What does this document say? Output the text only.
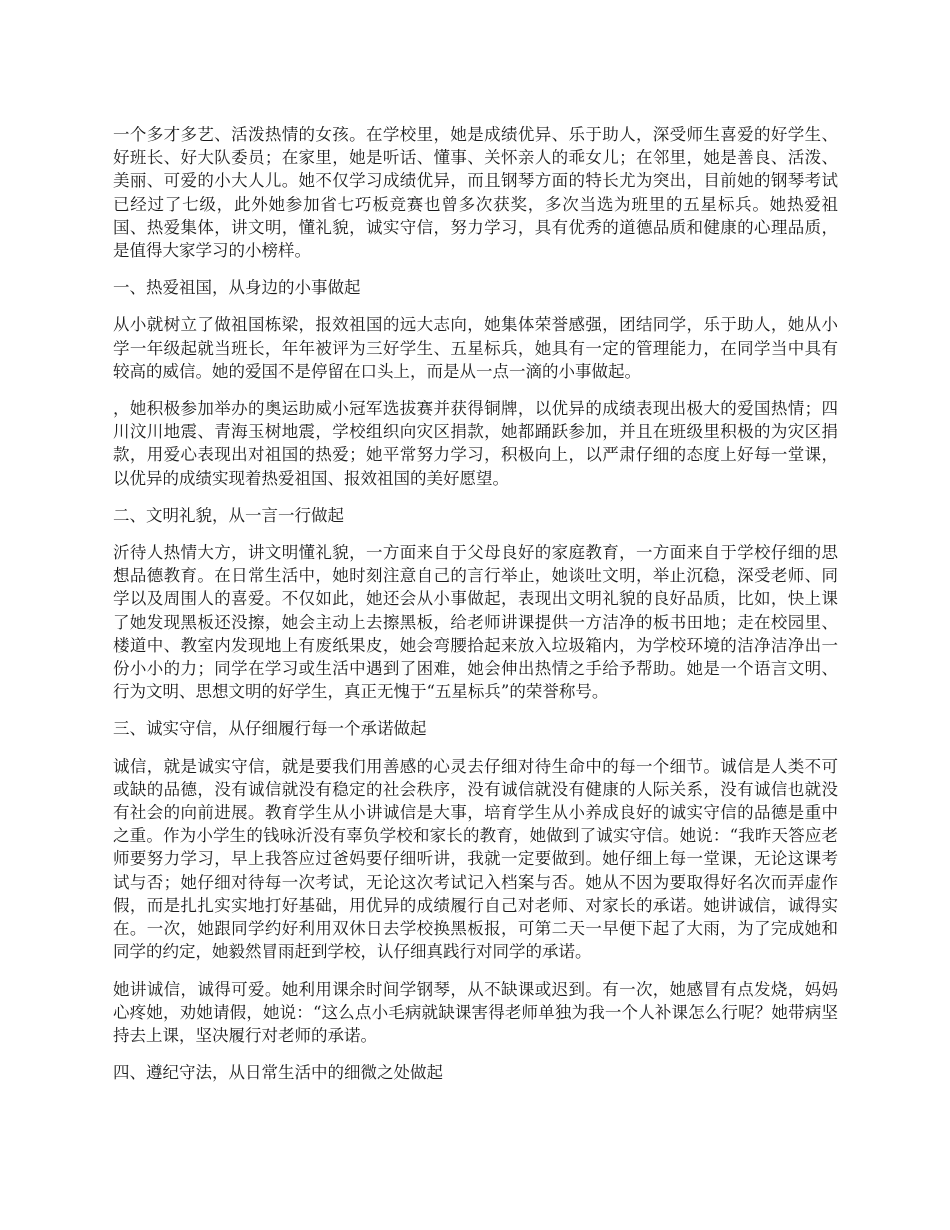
一个多才多艺、活泼热情的女孩。在学校里，她是成绩优异、乐于助人，深受师生喜爱的好学生、好班长、好大队委员；在家里，她是听话、懂事、关怀亲人的乖女儿；在邻里，她是善良、活泼、美丽、可爱的小大人儿。她不仅学习成绩优异，而且钢琴方面的特长尤为突出，目前她的钢琴考试已经过了七级，此外她参加省七巧板竞赛也曾多次获奖，多次当选为班里的五星标兵。她热爱祖国、热爱集体，讲文明，懂礼貌，诚实守信，努力学习，具有优秀的道德品质和健康的心理品质，是值得大家学习的小榜样。

一、热爱祖国，从身边的小事做起

从小就树立了做祖国栋梁，报效祖国的远大志向，她集体荣誉感强，团结同学，乐于助人，她从小学一年级起就当班长，年年被评为三好学生、五星标兵，她具有一定的管理能力，在同学当中具有较高的威信。她的爱国不是停留在口头上，而是从一点一滴的小事做起。

，她积极参加举办的奥运助威小冠军选拔赛并获得铜牌，以优异的成绩表现出极大的爱国热情；四川汶川地震、青海玉树地震，学校组织向灾区捐款，她都踊跃参加，并且在班级里积极的为灾区捐款，用爱心表现出对祖国的热爱；她平常努力学习，积极向上，以严肃仔细的态度上好每一堂课，以优异的成绩实现着热爱祖国、报效祖国的美好愿望。

二、文明礼貌，从一言一行做起

沂待人热情大方，讲文明懂礼貌，一方面来自于父母良好的家庭教育，一方面来自于学校仔细的思想品德教育。在日常生活中，她时刻注意自己的言行举止，她谈吐文明，举止沉稳，深受老师、同学以及周围人的喜爱。不仅如此，她还会从小事做起，表现出文明礼貌的良好品质，比如，快上课了她发现黑板还没擦，她会主动上去擦黑板，给老师讲课提供一方洁净的板书田地；走在校园里、楼道中、教室内发现地上有废纸果皮，她会弯腰拾起来放入垃圾箱内，为学校环境的洁净洁净出一份小小的力；同学在学习或生活中遇到了困难，她会伸出热情之手给予帮助。她是一个语言文明、行为文明、思想文明的好学生，真正无愧于“五星标兵”的荣誉称号。

三、诚实守信，从仔细履行每一个承诺做起

诚信，就是诚实守信，就是要我们用善感的心灵去仔细对待生命中的每一个细节。诚信是人类不可或缺的品德，没有诚信就没有稳定的社会秩序，没有诚信就没有健康的人际关系，没有诚信也就没有社会的向前进展。教育学生从小讲诚信是大事，培育学生从小养成良好的诚实守信的品德是重中之重。作为小学生的钱咏沂没有辜负学校和家长的教育，她做到了诚实守信。她说：“我昨天答应老师要努力学习，早上我答应过爸妈要仔细听讲，我就一定要做到。她仔细上每一堂课，无论这课考试与否；她仔细对待每一次考试，无论这次考试记入档案与否。她从不因为要取得好名次而弄虚作假，而是扎扎实实地打好基础，用优异的成绩履行自己对老师、对家长的承诺。她讲诚信，诚得实在。一次，她跟同学约好利用双休日去学校换黑板报，可第二天一早便下起了大雨，为了完成她和同学的约定，她毅然冒雨赶到学校，认仔细真践行对同学的承诺。

她讲诚信，诚得可爱。她利用课余时间学钢琴，从不缺课或迟到。有一次，她感冒有点发烧，妈妈心疼她，劝她请假，她说：“这么点小毛病就缺课害得老师单独为我一个人补课怎么行呢？她带病坚持去上课，坚决履行对老师的承诺。

四、遵纪守法，从日常生活中的细微之处做起
